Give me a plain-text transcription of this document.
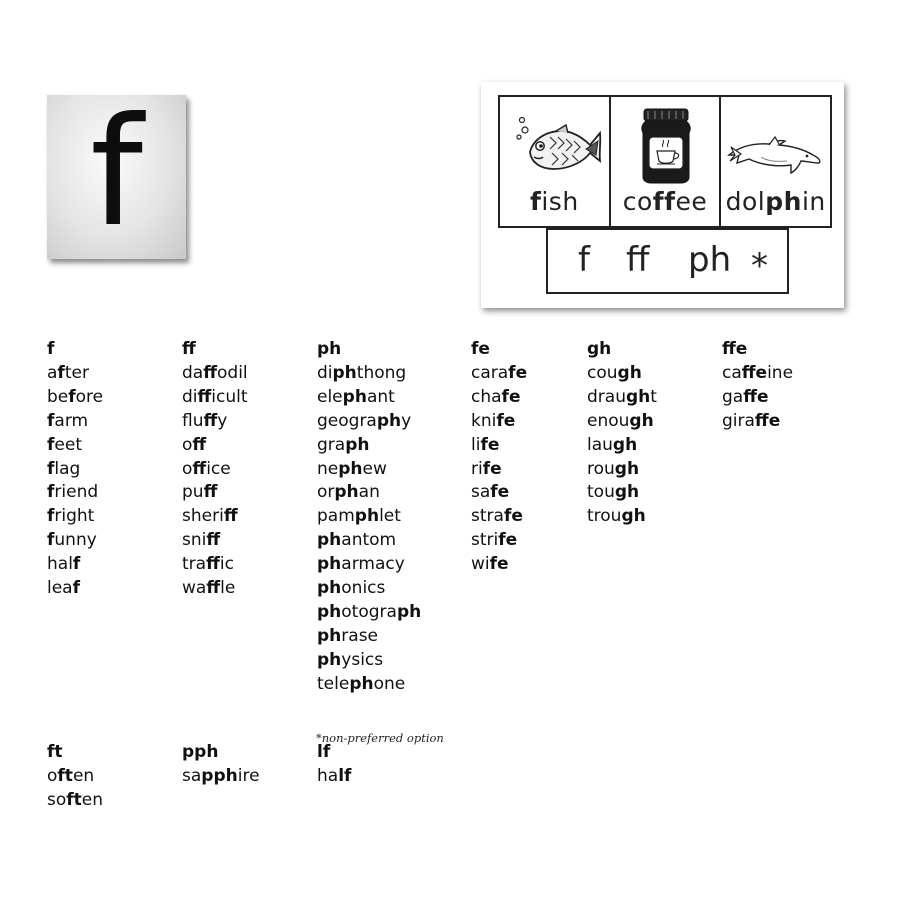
f	fish	coffee dolphin
f ff ph *
f
after
before
farm
feet
flag
friend
fright
funny
half
leaf
ff
daffodil
difficult
fluffy
off
office
puff
sheriff
sniff
traffic
waffle
ph
diphthong
elephant
geography
graph
nephew
orphan
pamphlet
phantom
pharmacy
phonics
photograph
phrase
physics
telephone
fe
carafe
chafe
knife
life
rife
safe
strafe
strife
wife
gh
cough
draught
enough
laugh
rough
tough
trough
ffe
caffeine
gaffe
giraffe
ft
often
soften
pph
sapphire
lf
half
*non-preferred option
